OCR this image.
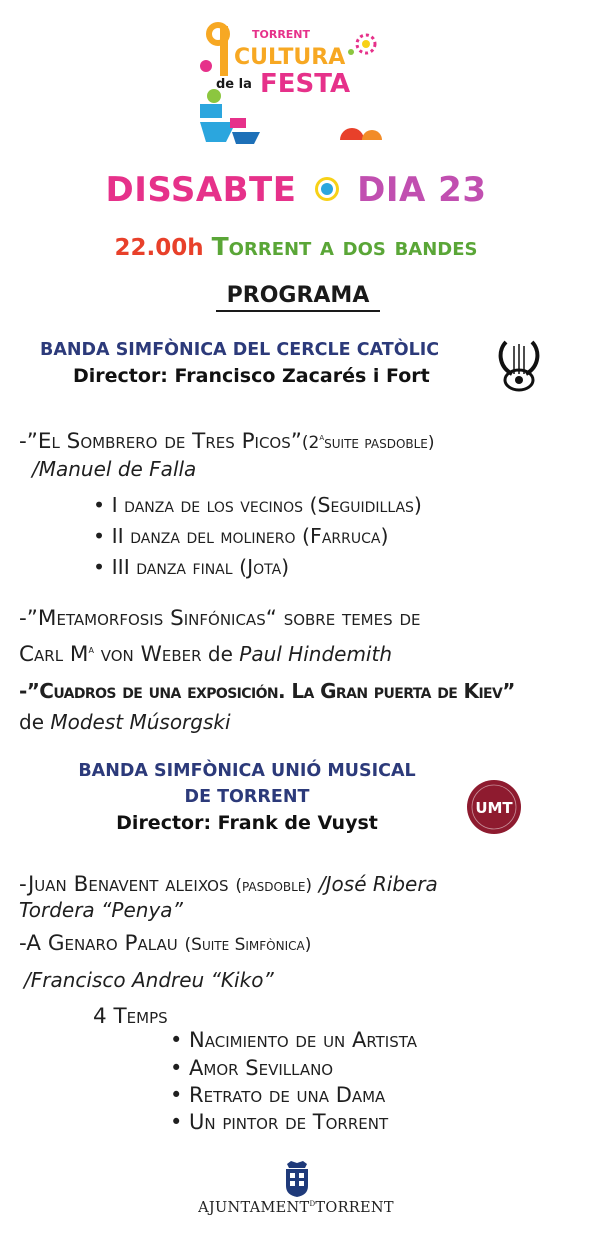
TORRENT
CULTURA
de la FESTA
DISSABTE DIA 23
22.00h Torrent a dos bandes
PROGRAMA
BANDA SIMFÒNICA DEL CERCLE CATÒLIC
Director: Francisco Zacarés i Fort
-”El Sombrero de Tres Picos”(2$^a$suite pasdoble)
/Manuel de Falla
• I danza de los vecinos (Seguidillas)
• II danza del molinero (Farruca)
• III danza final (Jota)
-”Metamorfosis Sinfónicas“ sobre temes de
Carl $M^a$ von Weber de Paul Hindemith
-”Cuadros de una exposición. La Gran puerta de Kiev”
de Modest Músorgski
BANDA SIMFÒNICA UNIÓ MUSICAL
DE TORRENT
Director: Frank de Vuyst
UMT
-Juan Benavent aleixos (pasdoble) /José Ribera
Tordera “Penya”
-A Genaro Palau (Suite Simfònica)
/Francisco Andreu “Kiko”
4 Temps
• Nacimiento de un Artista
• Amor Sevillano
• Retrato de una Dama
• Un pintor de Torrent
$AJUNTAMENT^DTORRENT$
